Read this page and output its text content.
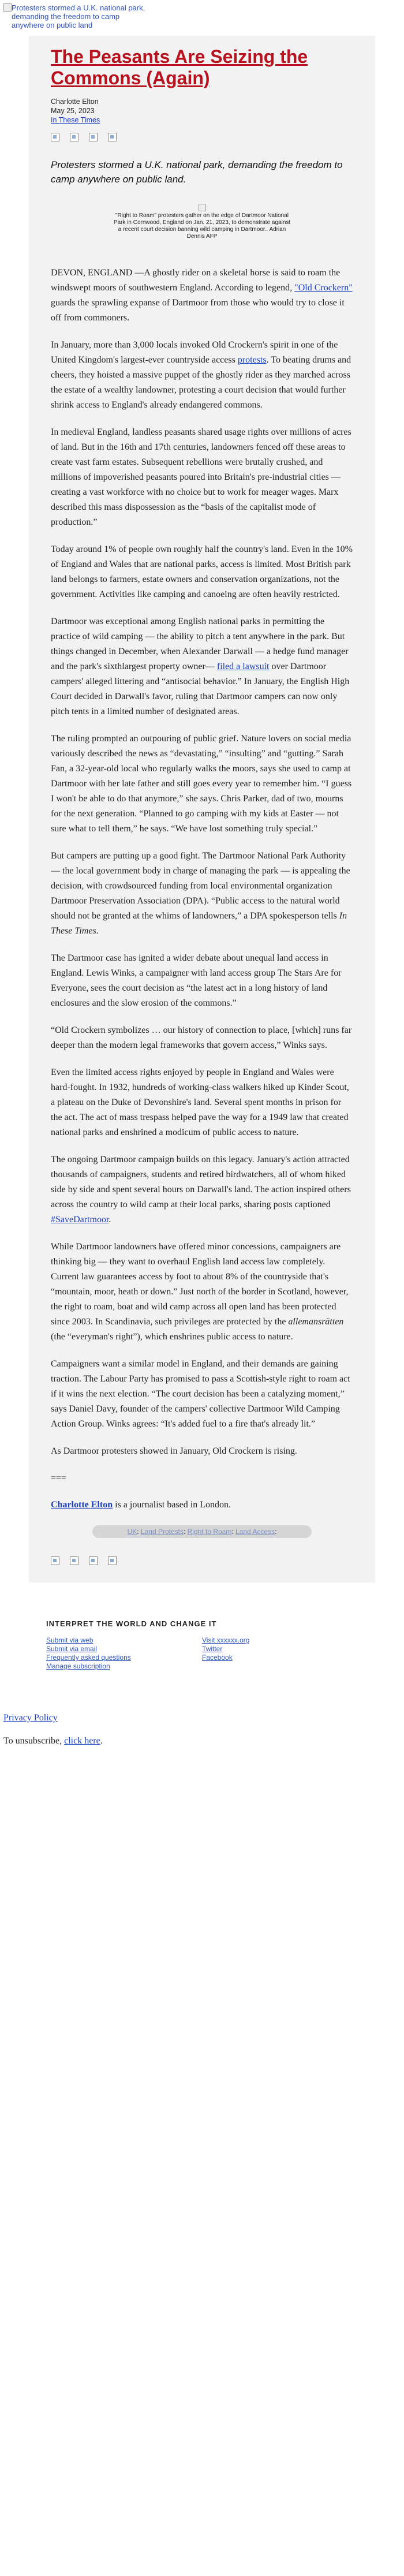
Protesters stormed a U.K. national park, demanding the freedom to camp anywhere on public land
The Peasants Are Seizing the Commons (Again)
Charlotte Elton
May 25, 2023
In These Times
Protesters stormed a U.K. national park, demanding the freedom to camp anywhere on public land.
"Right to Roam" protesters gather on the edge of Dartmoor National Park in Cornwood, England on Jan. 21, 2023, to demonstrate against a recent court decision banning wild camping in Dartmoor.. Adrian Dennis AFP

DEVON, ENGLAND —A ghostly rider on a skeletal horse is said to roam the windswept moors of southwestern England. According to legend, "Old Crockern" guards the sprawling expanse of Dartmoor from those who would try to close it off from commoners.

In January, more than 3,000 locals invoked Old Crockern's spirit in one of the United Kingdom's largest-ever countryside access protests. To beating drums and cheers, they hoisted a massive puppet of the ghostly rider as they marched across the estate of a wealthy landowner, protesting a court decision that would further shrink access to England's already endangered commons.

In medieval England, landless peasants shared usage rights over millions of acres of land. But in the 16th and 17th centuries, landowners fenced off these areas to create vast farm estates. Subsequent rebellions were brutally crushed, and millions of impoverished peasants poured into Britain's pre-industrial cities — creating a vast workforce with no choice but to work for meager wages. Marx described this mass dispossession as the “basis of the capitalist mode of production.”

Today around 1% of people own roughly half the country's land. Even in the 10% of England and Wales that are national parks, access is limited. Most British park land belongs to farmers, estate owners and conservation organizations, not the government. Activities like camping and canoeing are often heavily restricted.

Dartmoor was exceptional among English national parks in permitting the practice of wild camping — the ability to pitch a tent anywhere in the park. But things changed in December, when Alexander Darwall — a hedge fund manager and the park's sixthlargest property owner— filed a lawsuit over Dartmoor campers' alleged littering and “antisocial behavior.” In January, the English High Court decided in Darwall's favor, ruling that Dartmoor campers can now only pitch tents in a limited number of designated areas.

The ruling prompted an outpouring of public grief. Nature lovers on social media variously described the news as “devastating,” “insulting” and “gutting.” Sarah Fan, a 32-year-old local who regularly walks the moors, says she used to camp at Dartmoor with her late father and still goes every year to remember him. “I guess I won't be able to do that anymore,” she says. Chris Parker, dad of two, mourns for the next generation. “Planned to go camping with my kids at Easter — not sure what to tell them,” he says. “We have lost something truly special.”

But campers are putting up a good fight. The Dartmoor National Park Authority — the local government body in charge of managing the park — is appealing the decision, with crowdsourced funding from local environmental organization Dartmoor Preservation Association (DPA). “Public access to the natural world should not be granted at the whims of landowners,” a DPA spokesperson tells In These Times.

The Dartmoor case has ignited a wider debate about unequal land access in England. Lewis Winks, a campaigner with land access group The Stars Are for Everyone, sees the court decision as “the latest act in a long history of land enclosures and the slow erosion of the commons.”

“Old Crockern symbolizes … our history of connection to place, [which] runs far deeper than the modern legal frameworks that govern access,” Winks says.

Even the limited access rights enjoyed by people in England and Wales were hard-fought. In 1932, hundreds of working-class walkers hiked up Kinder Scout, a plateau on the Duke of Devonshire's land. Several spent months in prison for the act. The act of mass trespass helped pave the way for a 1949 law that created national parks and enshrined a modicum of public access to nature.

The ongoing Dartmoor campaign builds on this legacy. January's action attracted thousands of campaigners, students and retired birdwatchers, all of whom hiked side by side and spent several hours on Darwall's land. The action inspired others across the country to wild camp at their local parks, sharing posts captioned #SaveDartmoor.

While Dartmoor landowners have offered minor concessions, campaigners are thinking big — they want to overhaul English land access law completely. Current law guarantees access by foot to about 8% of the countryside that's “mountain, moor, heath or down.” Just north of the border in Scotland, however, the right to roam, boat and wild camp across all open land has been protected since 2003. In Scandinavia, such privileges are protected by the allemansrätten (the “everyman's right”), which enshrines public access to nature.

Campaigners want a similar model in England, and their demands are gaining traction. The Labour Party has promised to pass a Scottish-style right to roam act if it wins the next election. “The court decision has been a catalyzing moment,” says Daniel Davy, founder of the campers' collective Dartmoor Wild Camping Action Group. Winks agrees: “It's added fuel to a fire that's already lit.”

As Dartmoor protesters showed in January, Old Crockern is rising.

===

Charlotte Elton is a journalist based in London.

UK: Land Protests: Right to Roam: Land Access:
INTERPRET THE WORLD AND CHANGE IT
Submit via web
Submit via email
Frequently asked questions
Manage subscription
Visit xxxxxx.org
Twitter
Facebook

Privacy Policy

To unsubscribe, click here.
